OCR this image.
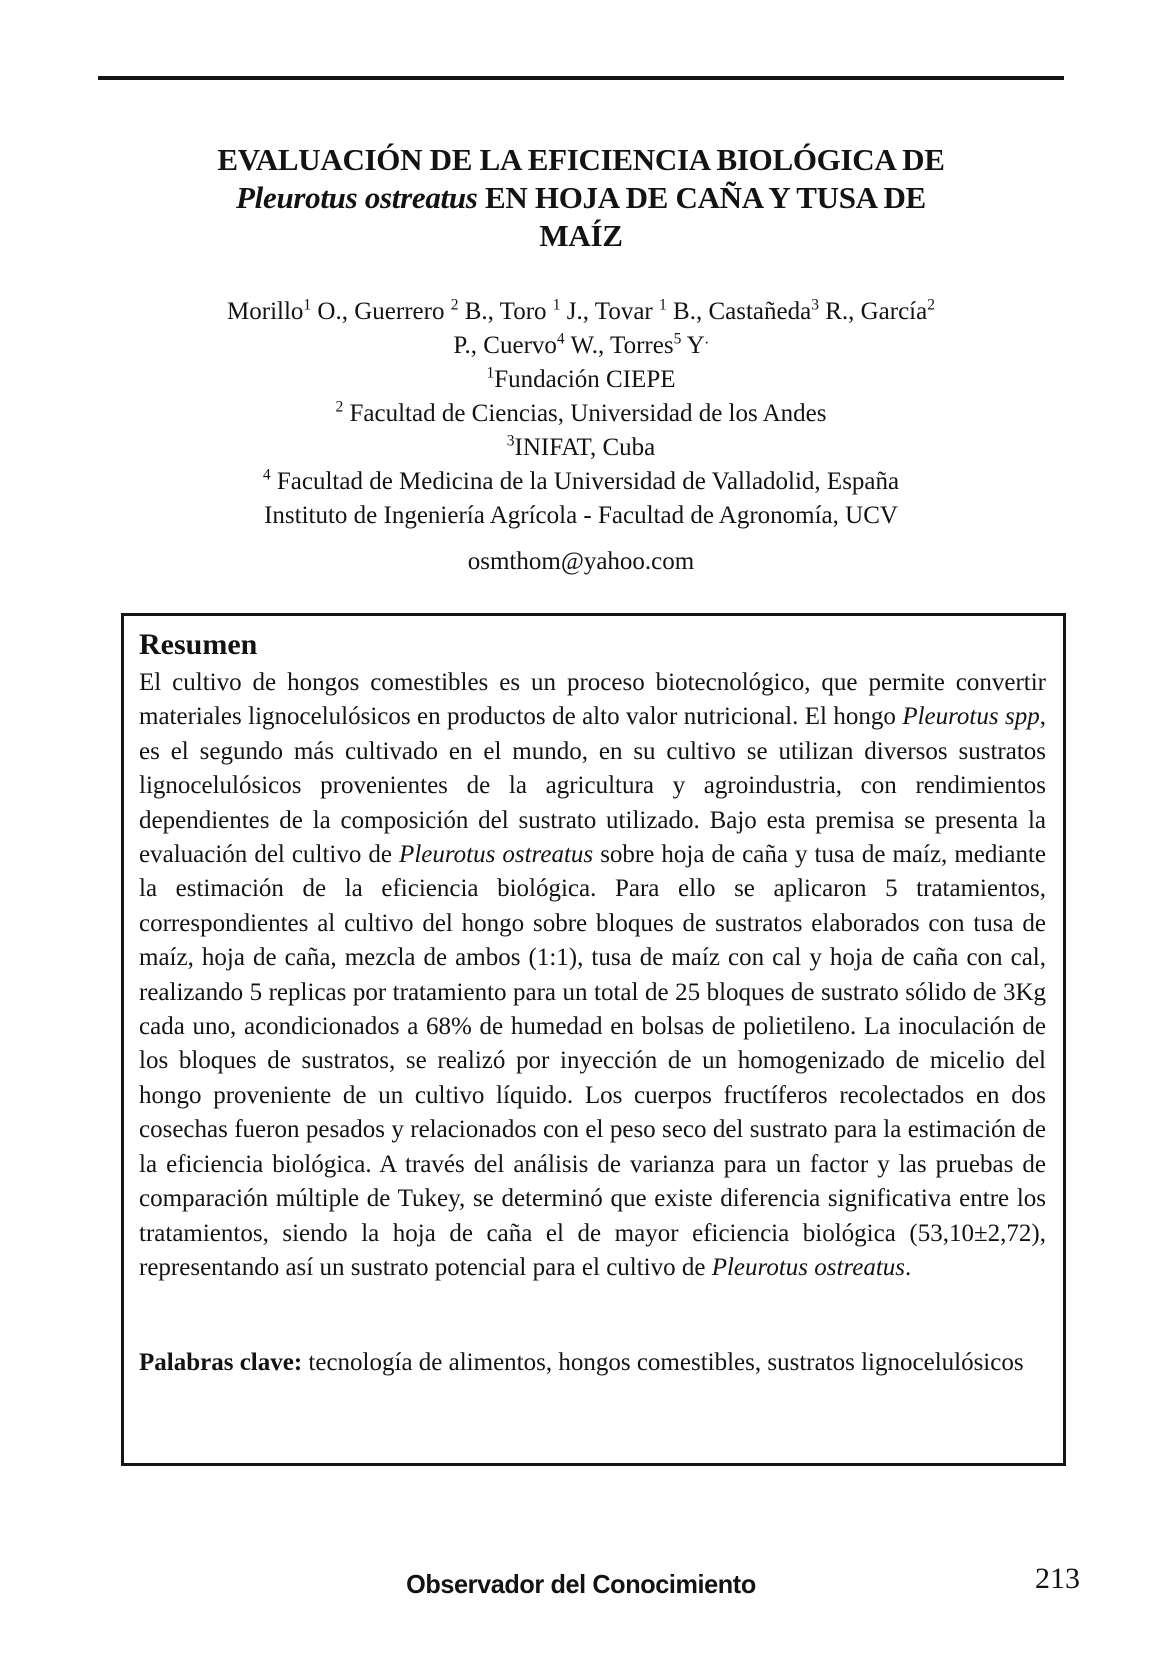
EVALUACIÓN DE LA EFICIENCIA BIOLÓGICA DE
Pleurotus ostreatus EN HOJA DE CAÑA Y TUSA DE
MAÍZ
Morillo$^1$ O., Guerrero $^2$ B., Toro $^1$ J., Tovar $^1$ B., Castañeda$^3$ R., García$^2$
P., Cuervo$^4$ W., Torres$^5$ Y.
$^1$Fundación CIEPE
$^2$ Facultad de Ciencias, Universidad de los Andes
$^3$INIFAT, Cuba
$^4$ Facultad de Medicina de la Universidad de Valladolid, España
Instituto de Ingeniería Agrícola - Facultad de Agronomía, UCV
osmthom@yahoo.com
Resumen

El cultivo de hongos comestibles es un proceso biotecnológico, que permite convertir materiales lignocelulósicos en productos de alto valor nutricional. El hongo Pleurotus spp, es el segundo más cultivado en el mundo, en su cultivo se utilizan diversos sustratos lignocelulósicos provenientes de la agricultura y agroindustria, con rendimientos dependientes de la composición del sustrato utilizado. Bajo esta premisa se presenta la evaluación del cultivo de Pleurotus ostreatus sobre hoja de caña y tusa de maíz, mediante la estimación de la eficiencia biológica. Para ello se aplicaron 5 tratamientos, correspondientes al cultivo del hongo sobre bloques de sustratos elaborados con tusa de maíz, hoja de caña, mezcla de ambos (1:1), tusa de maíz con cal y hoja de caña con cal, realizando 5 replicas por tratamiento para un total de 25 bloques de sustrato sólido de 3Kg cada uno, acondicionados a 68% de humedad en bolsas de polietileno. La inoculación de los bloques de sustratos, se realizó por inyección de un homogenizado de micelio del hongo proveniente de un cultivo líquido. Los cuerpos fructíferos recolectados en dos cosechas fueron pesados y relacionados con el peso seco del sustrato para la estimación de la eficiencia biológica. A través del análisis de varianza para un factor y las pruebas de comparación múltiple de Tukey, se determinó que existe diferencia significativa entre los tratamientos, siendo la hoja de caña el de mayor eficiencia biológica (53,10±2,72), representando así un sustrato potencial para el cultivo de Pleurotus ostreatus.

Palabras clave: tecnología de alimentos, hongos comestibles, sustratos lignocelulósicos

Observador del Conocimiento	213
